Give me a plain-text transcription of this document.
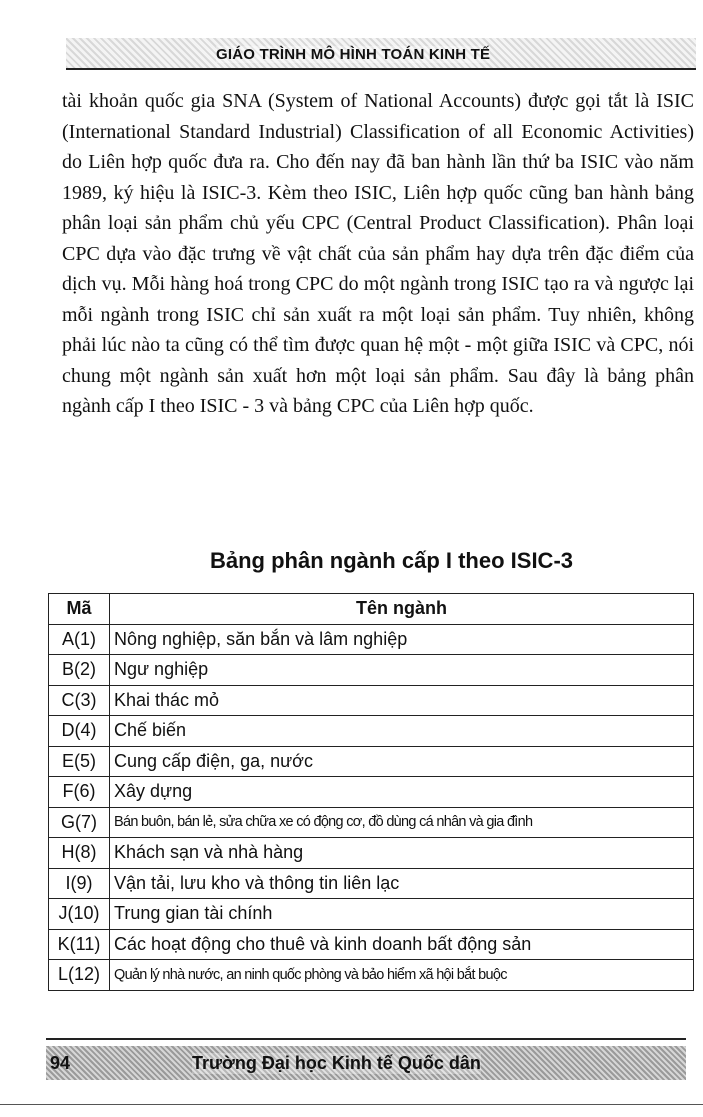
GIÁO TRÌNH MÔ HÌNH TOÁN KINH TẾ

tài khoản quốc gia SNA (System of National Accounts) được gọi tắt là ISIC (International Standard Industrial) Classification of all Economic Activities) do Liên hợp quốc đưa ra. Cho đến nay đã ban hành lần thứ ba ISIC vào năm 1989, ký hiệu là ISIC-3. Kèm theo ISIC, Liên hợp quốc cũng ban hành bảng phân loại sản phẩm chủ yếu CPC (Central Product Classification). Phân loại CPC dựa vào đặc trưng về vật chất của sản phẩm hay dựa trên đặc điểm của dịch vụ. Mỗi hàng hoá trong CPC do một ngành trong ISIC tạo ra và ngược lại mỗi ngành trong ISIC chỉ sản xuất ra một loại sản phẩm. Tuy nhiên, không phải lúc nào ta cũng có thể tìm được quan hệ một - một giữa ISIC và CPC, nói chung một ngành sản xuất hơn một loại sản phẩm. Sau đây là bảng phân ngành cấp I theo ISIC - 3 và bảng CPC của Liên hợp quốc.

Bảng phân ngành cấp I theo ISIC-3
Mã	Tên ngành
A(1)	Nông nghiệp, săn bắn và lâm nghiệp
B(2)	Ngư nghiệp
C(3)	Khai thác mỏ
D(4)	Chế biến
E(5)	Cung cấp điện, ga, nước
F(6)	Xây dựng
G(7)	Bán buôn, bán lẻ, sửa chữa xe có động cơ, đồ dùng cá nhân và gia đình
H(8)	Khách sạn và nhà hàng
I(9)	Vận tải, lưu kho và thông tin liên lạc
J(10)	Trung gian tài chính
K(11)	Các hoạt động cho thuê và kinh doanh bất động sản
L(12)	Quản lý nhà nước, an ninh quốc phòng và bảo hiểm xã hội bắt buộc
94	Trường Đại học Kinh tế Quốc dân
